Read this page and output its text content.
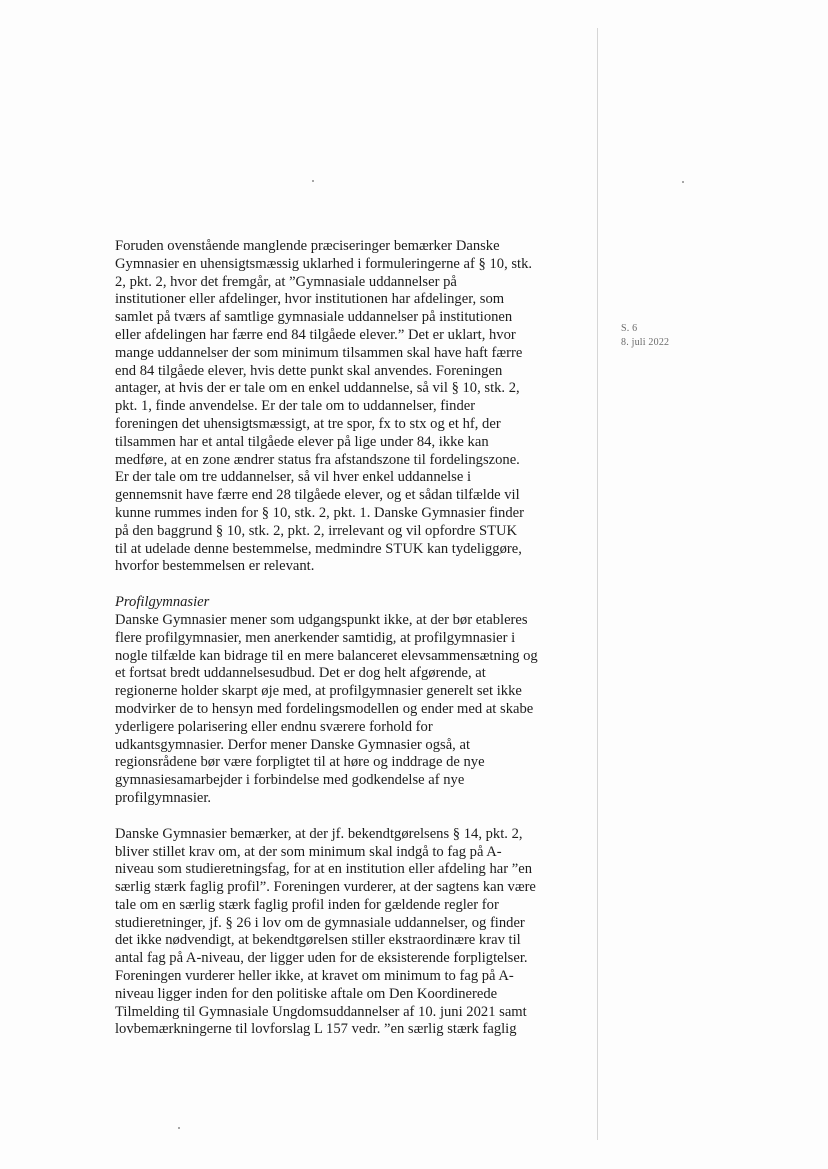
S. 6
8. juli 2022

Foruden ovenstående manglende præciseringer bemærker Danske
Gymnasier en uhensigtsmæssig uklarhed i formuleringerne af § 10, stk.
2, pkt. 2, hvor det fremgår, at ”Gymnasiale uddannelser på
institutioner eller afdelinger, hvor institutionen har afdelinger, som
samlet på tværs af samtlige gymnasiale uddannelser på institutionen
eller afdelingen har færre end 84 tilgåede elever.” Det er uklart, hvor
mange uddannelser der som minimum tilsammen skal have haft færre
end 84 tilgåede elever, hvis dette punkt skal anvendes. Foreningen
antager, at hvis der er tale om en enkel uddannelse, så vil § 10, stk. 2,
pkt. 1, finde anvendelse. Er der tale om to uddannelser, finder
foreningen det uhensigtsmæssigt, at tre spor, fx to stx og et hf, der
tilsammen har et antal tilgåede elever på lige under 84, ikke kan
medføre, at en zone ændrer status fra afstandszone til fordelingszone.
Er der tale om tre uddannelser, så vil hver enkel uddannelse i
gennemsnit have færre end 28 tilgåede elever, og et sådan tilfælde vil
kunne rummes inden for § 10, stk. 2, pkt. 1. Danske Gymnasier finder
på den baggrund § 10, stk. 2, pkt. 2, irrelevant og vil opfordre STUK
til at udelade denne bestemmelse, medmindre STUK kan tydeliggøre,
hvorfor bestemmelsen er relevant.

Profilgymnasier
Danske Gymnasier mener som udgangspunkt ikke, at der bør etableres
flere profilgymnasier, men anerkender samtidig, at profilgymnasier i
nogle tilfælde kan bidrage til en mere balanceret elevsammensætning og
et fortsat bredt uddannelsesudbud. Det er dog helt afgørende, at
regionerne holder skarpt øje med, at profilgymnasier generelt set ikke
modvirker de to hensyn med fordelingsmodellen og ender med at skabe
yderligere polarisering eller endnu sværere forhold for
udkantsgymnasier. Derfor mener Danske Gymnasier også, at
regionsrådene bør være forpligtet til at høre og inddrage de nye
gymnasiesamarbejder i forbindelse med godkendelse af nye
profilgymnasier.

Danske Gymnasier bemærker, at der jf. bekendtgørelsens § 14, pkt. 2,
bliver stillet krav om, at der som minimum skal indgå to fag på A-
niveau som studieretningsfag, for at en institution eller afdeling har ”en
særlig stærk faglig profil”. Foreningen vurderer, at der sagtens kan være
tale om en særlig stærk faglig profil inden for gældende regler for
studieretninger, jf. § 26 i lov om de gymnasiale uddannelser, og finder
det ikke nødvendigt, at bekendtgørelsen stiller ekstraordinære krav til
antal fag på A-niveau, der ligger uden for de eksisterende forpligtelser.
Foreningen vurderer heller ikke, at kravet om minimum to fag på A-
niveau ligger inden for den politiske aftale om Den Koordinerede
Tilmelding til Gymnasiale Ungdomsuddannelser af 10. juni 2021 samt
lovbemærkningerne til lovforslag L 157 vedr. ”en særlig stærk faglig
